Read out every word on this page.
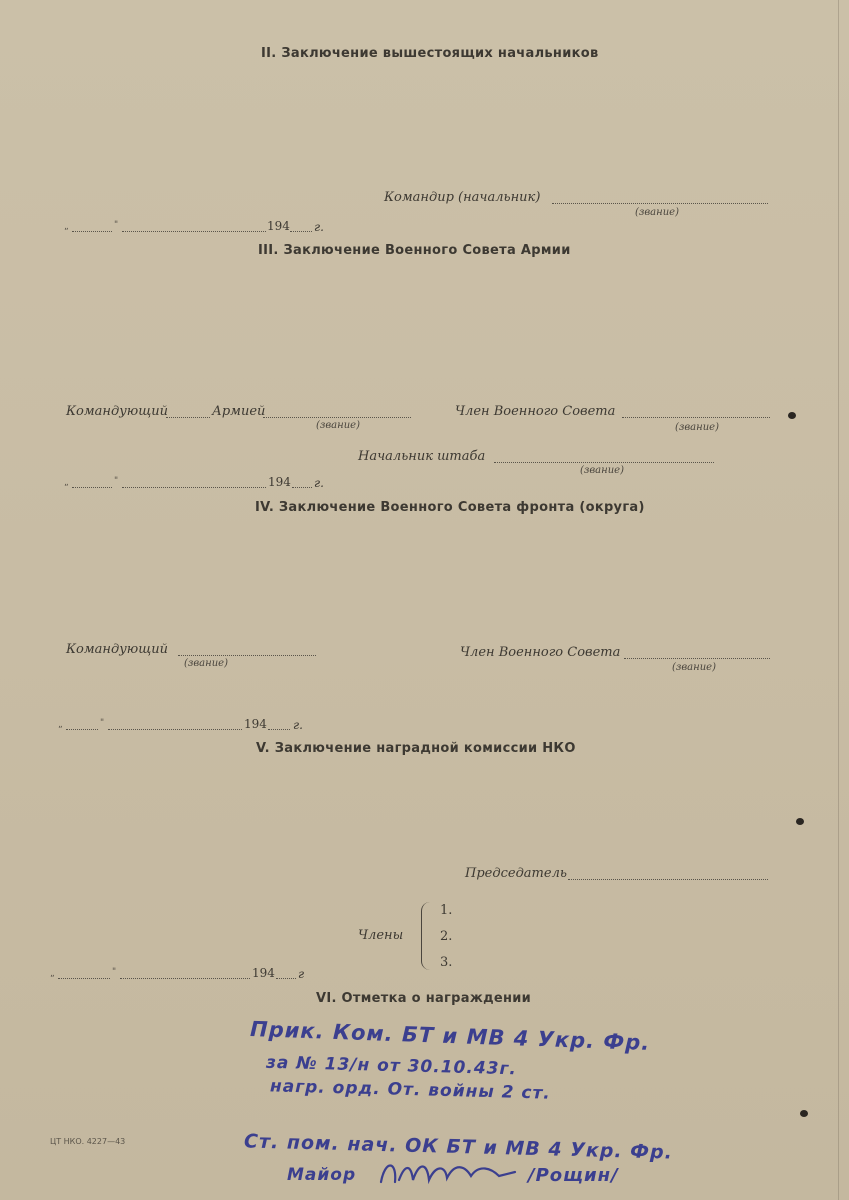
II. Заключение вышестоящих начальников
Командир (начальник)
(звание)
„	"	194 г.
III. Заключение Военного Совета Армии
Командующий	Армией
(звание)
Член Военного Совета
(звание)
Начальник штаба
(звание)
„	"	194 г.
IV. Заключение Военного Совета фронта (округа)
Командующий
(звание)
Член Военного Совета
(звание)
„	"	194 г.
V. Заключение наградной комиссии НКО
Председатель
Члены
1.
2.
3.
„	"	194 г
VI. Отметка о награждении
Прик. Ком. БТ и МВ 4 Укр. Фр.
за № 13/н от 30.10.43г.
нагр. орд. От. войны 2 ст.
ЦТ НКО. 4227—43	Ст. пом. нач. ОК БТ и МВ 4 Укр. Фр.
Майор	/Рощин/
